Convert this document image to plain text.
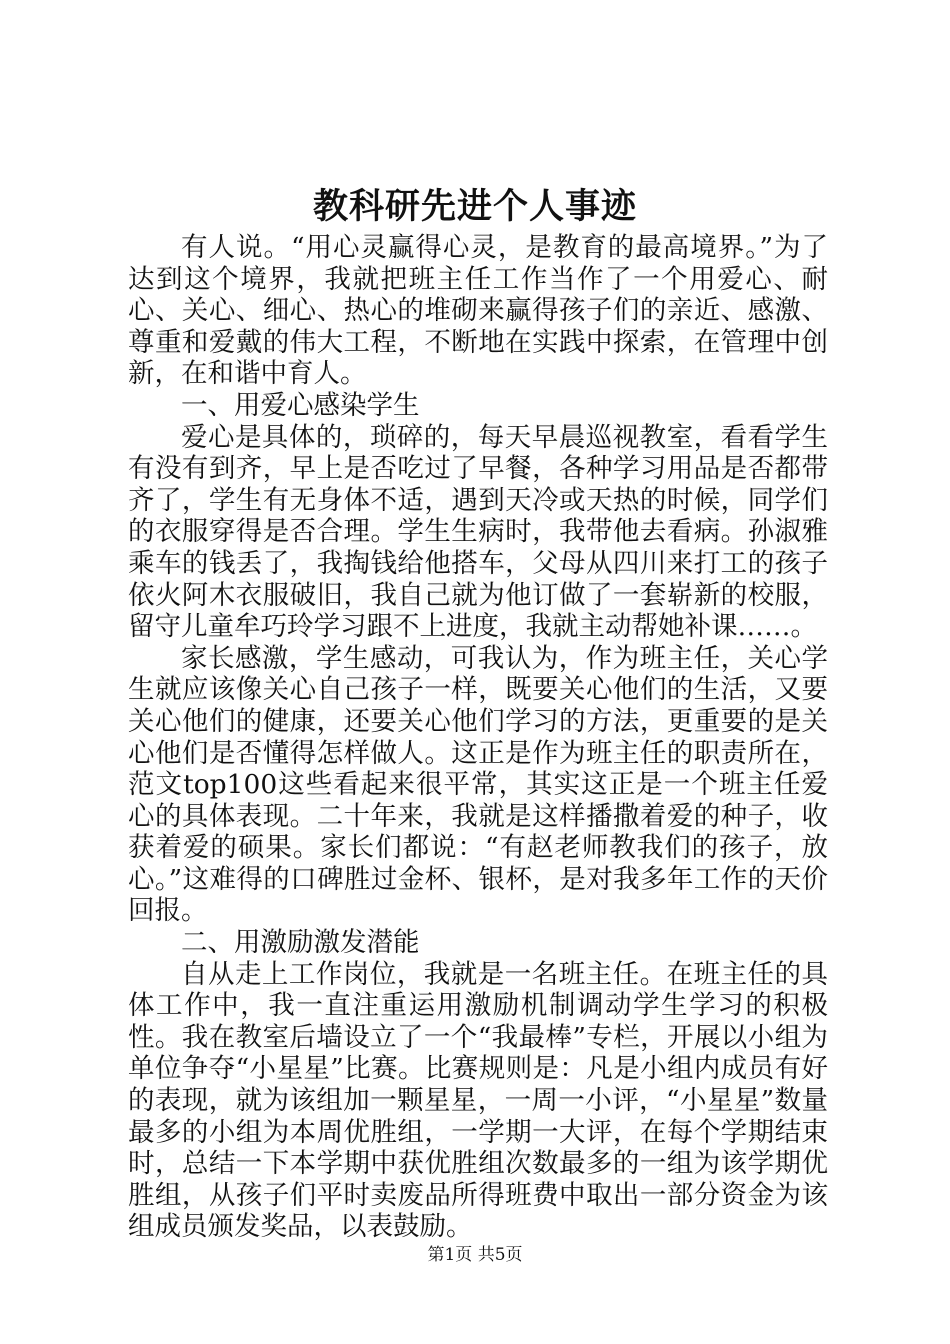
教科研先进个人事迹

有人说。“用心灵赢得心灵，是教育的最高境界。”为了达到这个境界，我就把班主任工作当作了一个用爱心、耐心、关心、细心、热心的堆砌来赢得孩子们的亲近、感激、尊重和爱戴的伟大工程，不断地在实践中探索，在管理中创新，在和谐中育人。

一、用爱心感染学生

爱心是具体的，琐碎的，每天早晨巡视教室，看看学生有没有到齐，早上是否吃过了早餐，各种学习用品是否都带齐了，学生有无身体不适，遇到天冷或天热的时候，同学们的衣服穿得是否合理。学生生病时，我带他去看病。孙淑雅乘车的钱丢了，我掏钱给他搭车，父母从四川来打工的孩子依火阿木衣服破旧，我自己就为他订做了一套崭新的校服，留守儿童牟巧玲学习跟不上进度，我就主动帮她补课……。

家长感激，学生感动，可我认为，作为班主任，关心学生就应该像关心自己孩子一样，既要关心他们的生活，又要关心他们的健康，还要关心他们学习的方法，更重要的是关心他们是否懂得怎样做人。这正是作为班主任的职责所在，范文top100这些看起来很平常，其实这正是一个班主任爱心的具体表现。二十年来，我就是这样播撒着爱的种子，收获着爱的硕果。家长们都说：“有赵老师教我们的孩子，放心。”这难得的口碑胜过金杯、银杯，是对我多年工作的天价回报。

二、用激励激发潜能

自从走上工作岗位，我就是一名班主任。在班主任的具体工作中，我一直注重运用激励机制调动学生学习的积极性。我在教室后墙设立了一个“我最棒”专栏，开展以小组为单位争夺“小星星”比赛。比赛规则是：凡是小组内成员有好的表现，就为该组加一颗星星，一周一小评，“小星星”数量最多的小组为本周优胜组，一学期一大评，在每个学期结束时，总结一下本学期中获优胜组次数最多的一组为该学期优胜组，从孩子们平时卖废品所得班费中取出一部分资金为该组成员颁发奖品，以表鼓励。

第1页 共5页
